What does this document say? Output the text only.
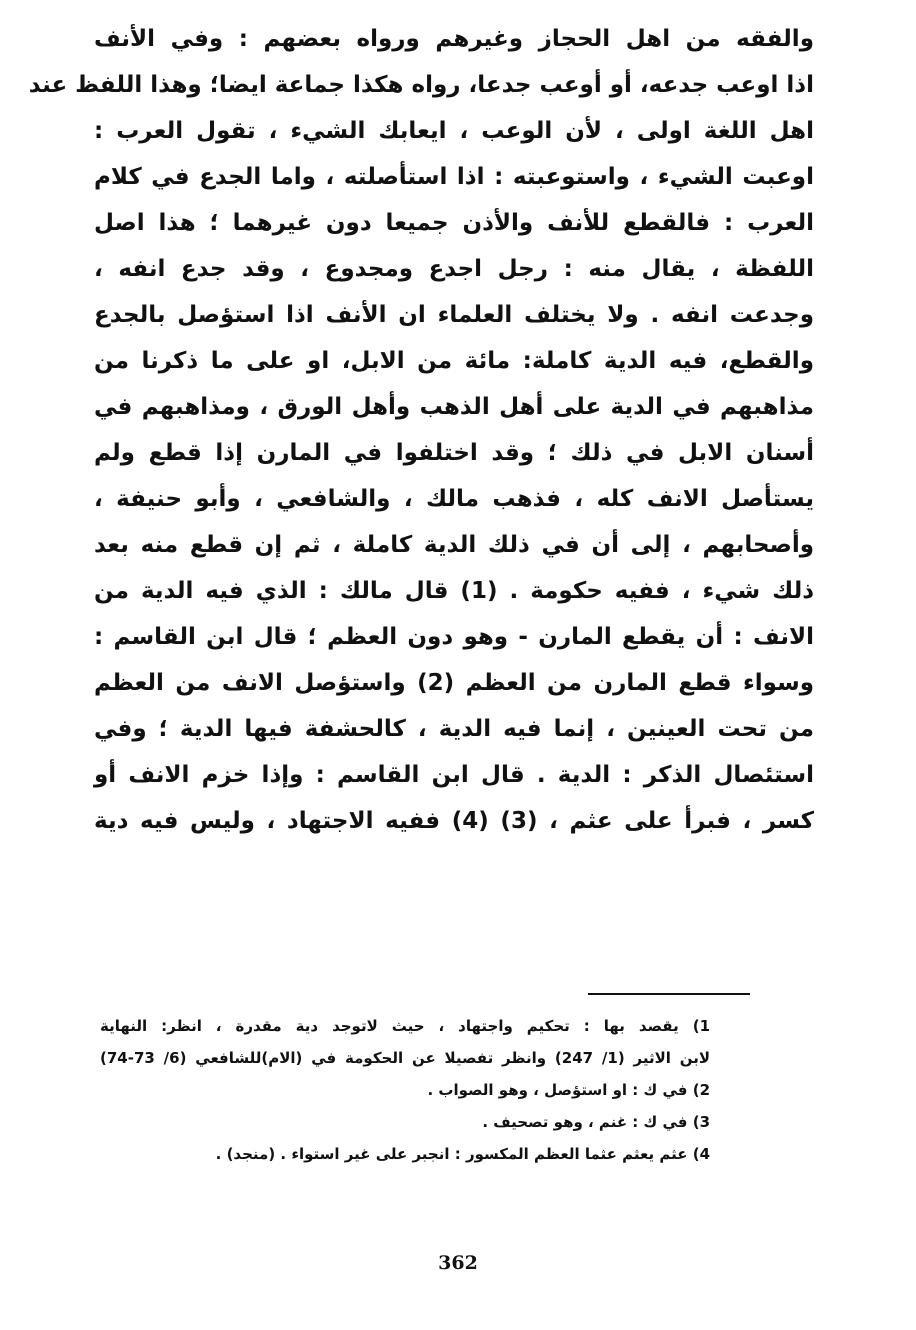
والفقه من اهل الحجاز وغيرهم ورواه بعضهم : وفي الأنف
اذا اوعب جدعه، أو أوعب جدعا، رواه هكذا جماعة ايضا؛ وهذا اللفظ عند
اهل اللغة اولى ، لأن الوعب ، ايعابك الشيء ، تقول العرب :
اوعبت الشيء ، واستوعبته : اذا استأصلته ، واما الجدع في كلام
العرب : فالقطع للأنف والأذن جميعا دون غيرهما ؛ هذا اصل
اللفظة ، يقال منه : رجل اجدع ومجدوع ، وقد جدع انفه ،
وجدعت انفه . ولا يختلف العلماء ان الأنف اذا استؤصل بالجدع
والقطع، فيه الدية كاملة: مائة من الابل، او على ما ذكرنا من
مذاهبهم في الدية على أهل الذهب وأهل الورق ، ومذاهبهم في
أسنان الابل في ذلك ؛ وقد اختلفوا في المارن إذا قطع ولم
يستأصل الانف كله ، فذهب مالك ، والشافعي ، وأبو حنيفة ،
وأصحابهم ، إلى أن في ذلك الدية كاملة ، ثم إن قطع منه بعد
ذلك شيء ، ففيه حكومة . (1) قال مالك : الذي فيه الدية من
الانف : أن يقطع المارن - وهو دون العظم ؛ قال ابن القاسم :
وسواء قطع المارن من العظم (2) واستؤصل الانف من العظم
من تحت العينين ، إنما فيه الدية ، كالحشفة فيها الدية ؛ وفي
استئصال الذكر : الدية . قال ابن القاسم : وإذا خزم الانف أو
كسر ، فبرأ على عثم ، (3) (4) ففيه الاجتهاد ، وليس فيه دية
1) يقصد بها : تحكيم واجتهاد ، حيث لاتوجد دية مقدرة ، انظر: النهاية
لابن الاثير (1/ 247) وانظر تفصيلا عن الحكومة في (الام)للشافعي (6/ 73-74)
2) في ك : او استؤصل ، وهو الصواب .
3) في ك : غنم ، وهو تصحيف .
4) عثم يعثم عثما العظم المكسور : انجبر على غير استواء . (منجد) .
362
